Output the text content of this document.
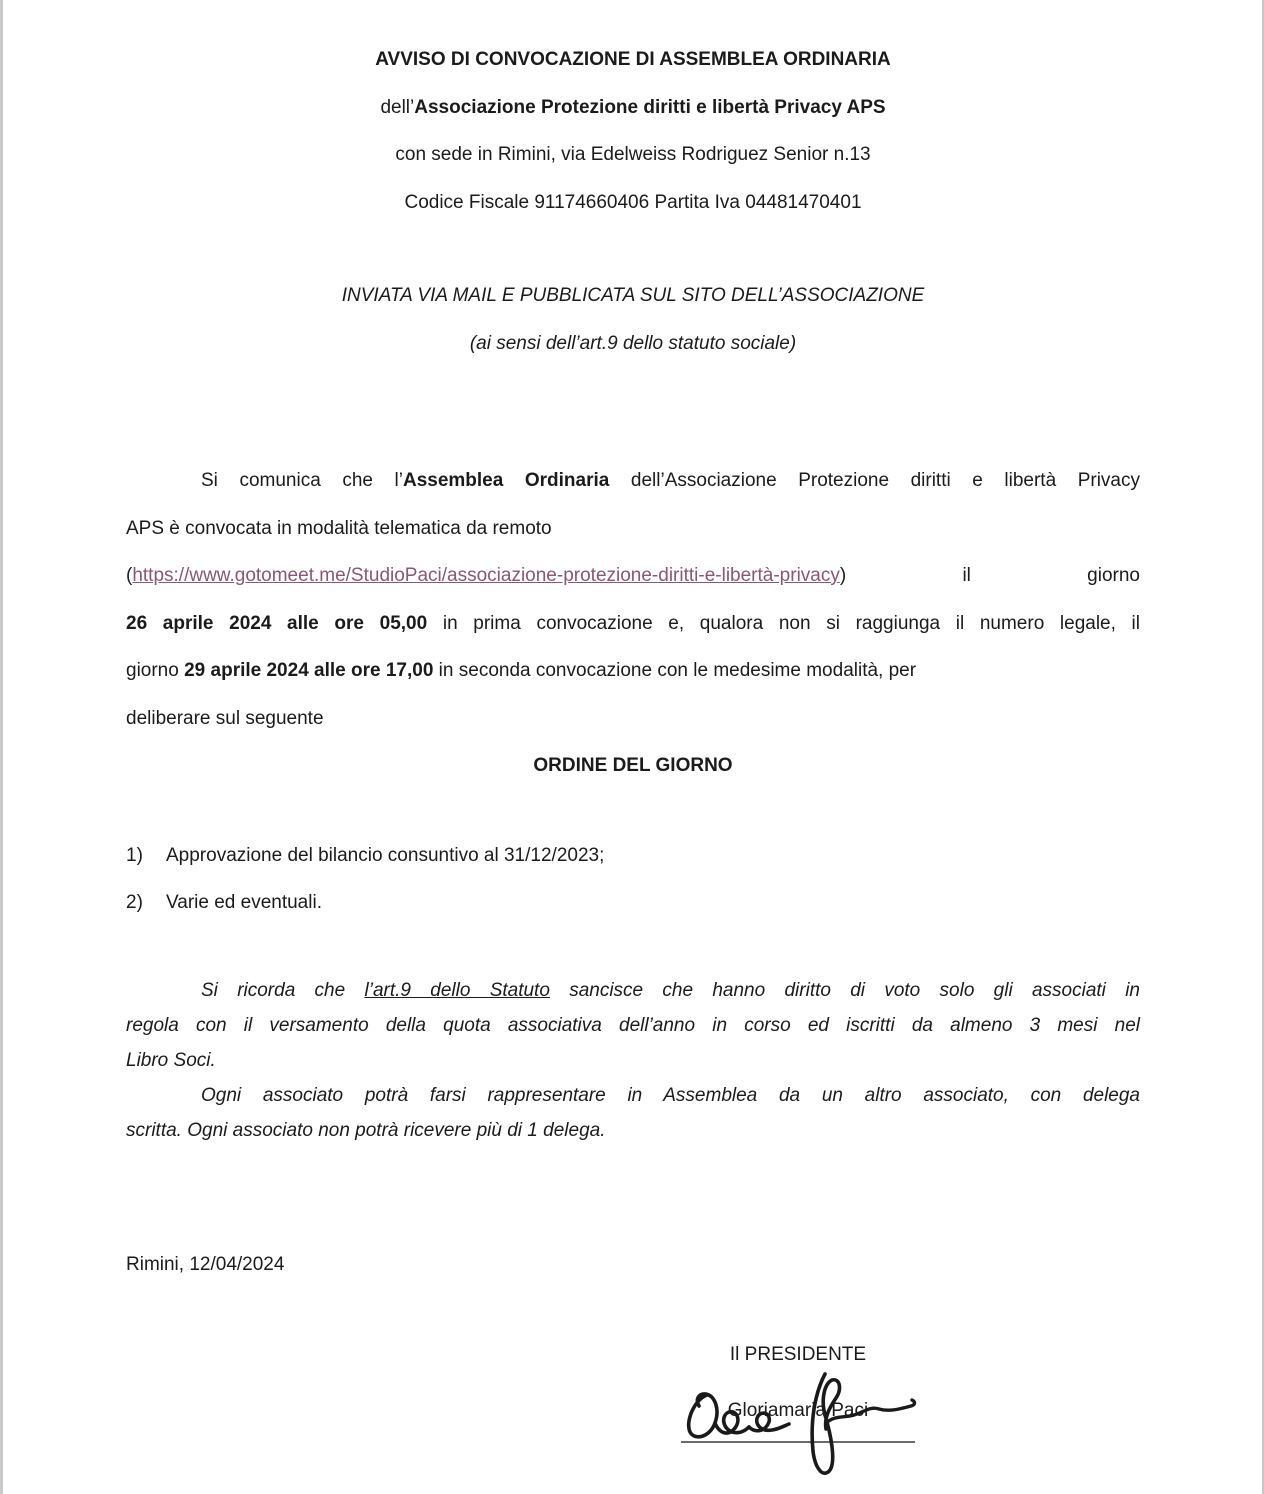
AVVISO DI CONVOCAZIONE DI ASSEMBLEA ORDINARIA
dell’Associazione Protezione diritti e libertà Privacy APS
con sede in Rimini, via Edelweiss Rodriguez Senior n.13
Codice Fiscale 91174660406 Partita Iva 04481470401
INVIATA VIA MAIL E PUBBLICATA SUL SITO DELL’ASSOCIAZIONE
(ai sensi dell’art.9 dello statuto sociale)
Si comunica che l’Assemblea Ordinaria dell’Associazione Protezione diritti e libertà Privacy
APS è convocata in modalità telematica da remoto
(https://www.gotomeet.me/StudioPaci/associazione-protezione-diritti-e-libertà-privacy) il giorno
26 aprile 2024 alle ore 05,00 in prima convocazione e, qualora non si raggiunga il numero legale, il
giorno 29 aprile 2024 alle ore 17,00 in seconda convocazione con le medesime modalità, per
deliberare sul seguente
ORDINE DEL GIORNO
1)	Approvazione del bilancio consuntivo al 31/12/2023;
2)	Varie ed eventuali.
Si ricorda che l’art.9 dello Statuto sancisce che hanno diritto di voto solo gli associati in
regola con il versamento della quota associativa dell’anno in corso ed iscritti da almeno 3 mesi nel
Libro Soci.
Ogni associato potrà farsi rappresentare in Assemblea da un altro associato, con delega
scritta. Ogni associato non potrà ricevere più di 1 delega.
Rimini, 12/04/2024
Il PRESIDENTE
Gloriamaria Paci
